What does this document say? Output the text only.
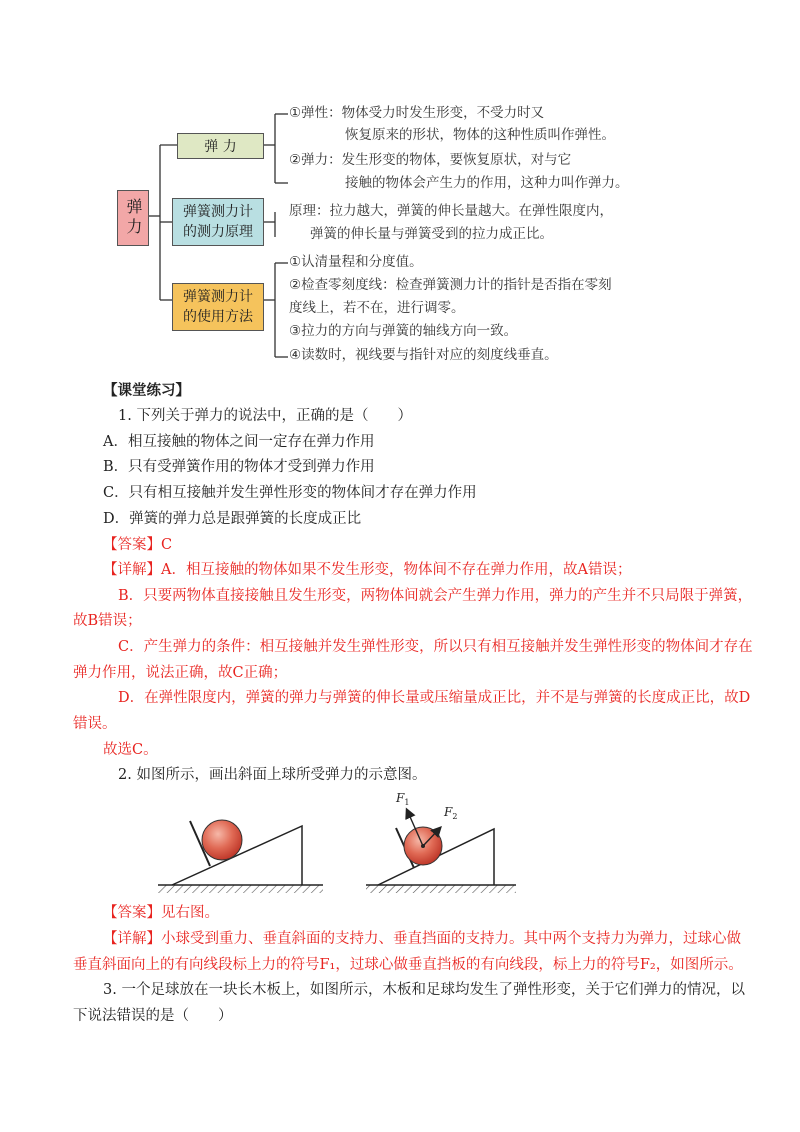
弹力
弹 力
弹簧测力计
的测力原理
弹簧测力计
的使用方法
①弹性：物体受力时发生形变，不受力时又
恢复原来的形状，物体的这种性质叫作弹性。
②弹力：发生形变的物体，要恢复原状，对与它
接触的物体会产生力的作用，这种力叫作弹力。
原理：拉力越大，弹簧的伸长量越大。在弹性限度内，
弹簧的伸长量与弹簧受到的拉力成正比。
①认清量程和分度值。
②检查零刻度线：检查弹簧测力计的指针是否指在零刻
度线上，若不在，进行调零。
③拉力的方向与弹簧的轴线方向一致。
④读数时，视线要与指针对应的刻度线垂直。
【课堂练习】
1. 下列关于弹力的说法中，正确的是（　　）
A．相互接触的物体之间一定存在弹力作用
B．只有受弹簧作用的物体才受到弹力作用
C．只有相互接触并发生弹性形变的物体间才存在弹力作用
D．弹簧的弹力总是跟弹簧的长度成正比
【答案】C
【详解】A．相互接触的物体如果不发生形变，物体间不存在弹力作用，故A错误；
B．只要两物体直接接触且发生形变，两物体间就会产生弹力作用，弹力的产生并不只局限于弹簧，
故B错误；
C．产生弹力的条件：相互接触并发生弹性形变，所以只有相互接触并发生弹性形变的物体间才存在
弹力作用，说法正确，故C正确；
D．在弹性限度内，弹簧的弹力与弹簧的伸长量或压缩量成正比，并不是与弹簧的长度成正比，故D
错误。
故选C。
2. 如图所示，画出斜面上球所受弹力的示意图。
$F_1$
$F_2$
【答案】见右图。
【详解】小球受到重力、垂直斜面的支持力、垂直挡面的支持力。其中两个支持力为弹力，过球心做
垂直斜面向上的有向线段标上力的符号F₁，过球心做垂直挡板的有向线段，标上力的符号F₂，如图所示。
3. 一个足球放在一块长木板上，如图所示，木板和足球均发生了弹性形变，关于它们弹力的情况，以
下说法错误的是（　　）
